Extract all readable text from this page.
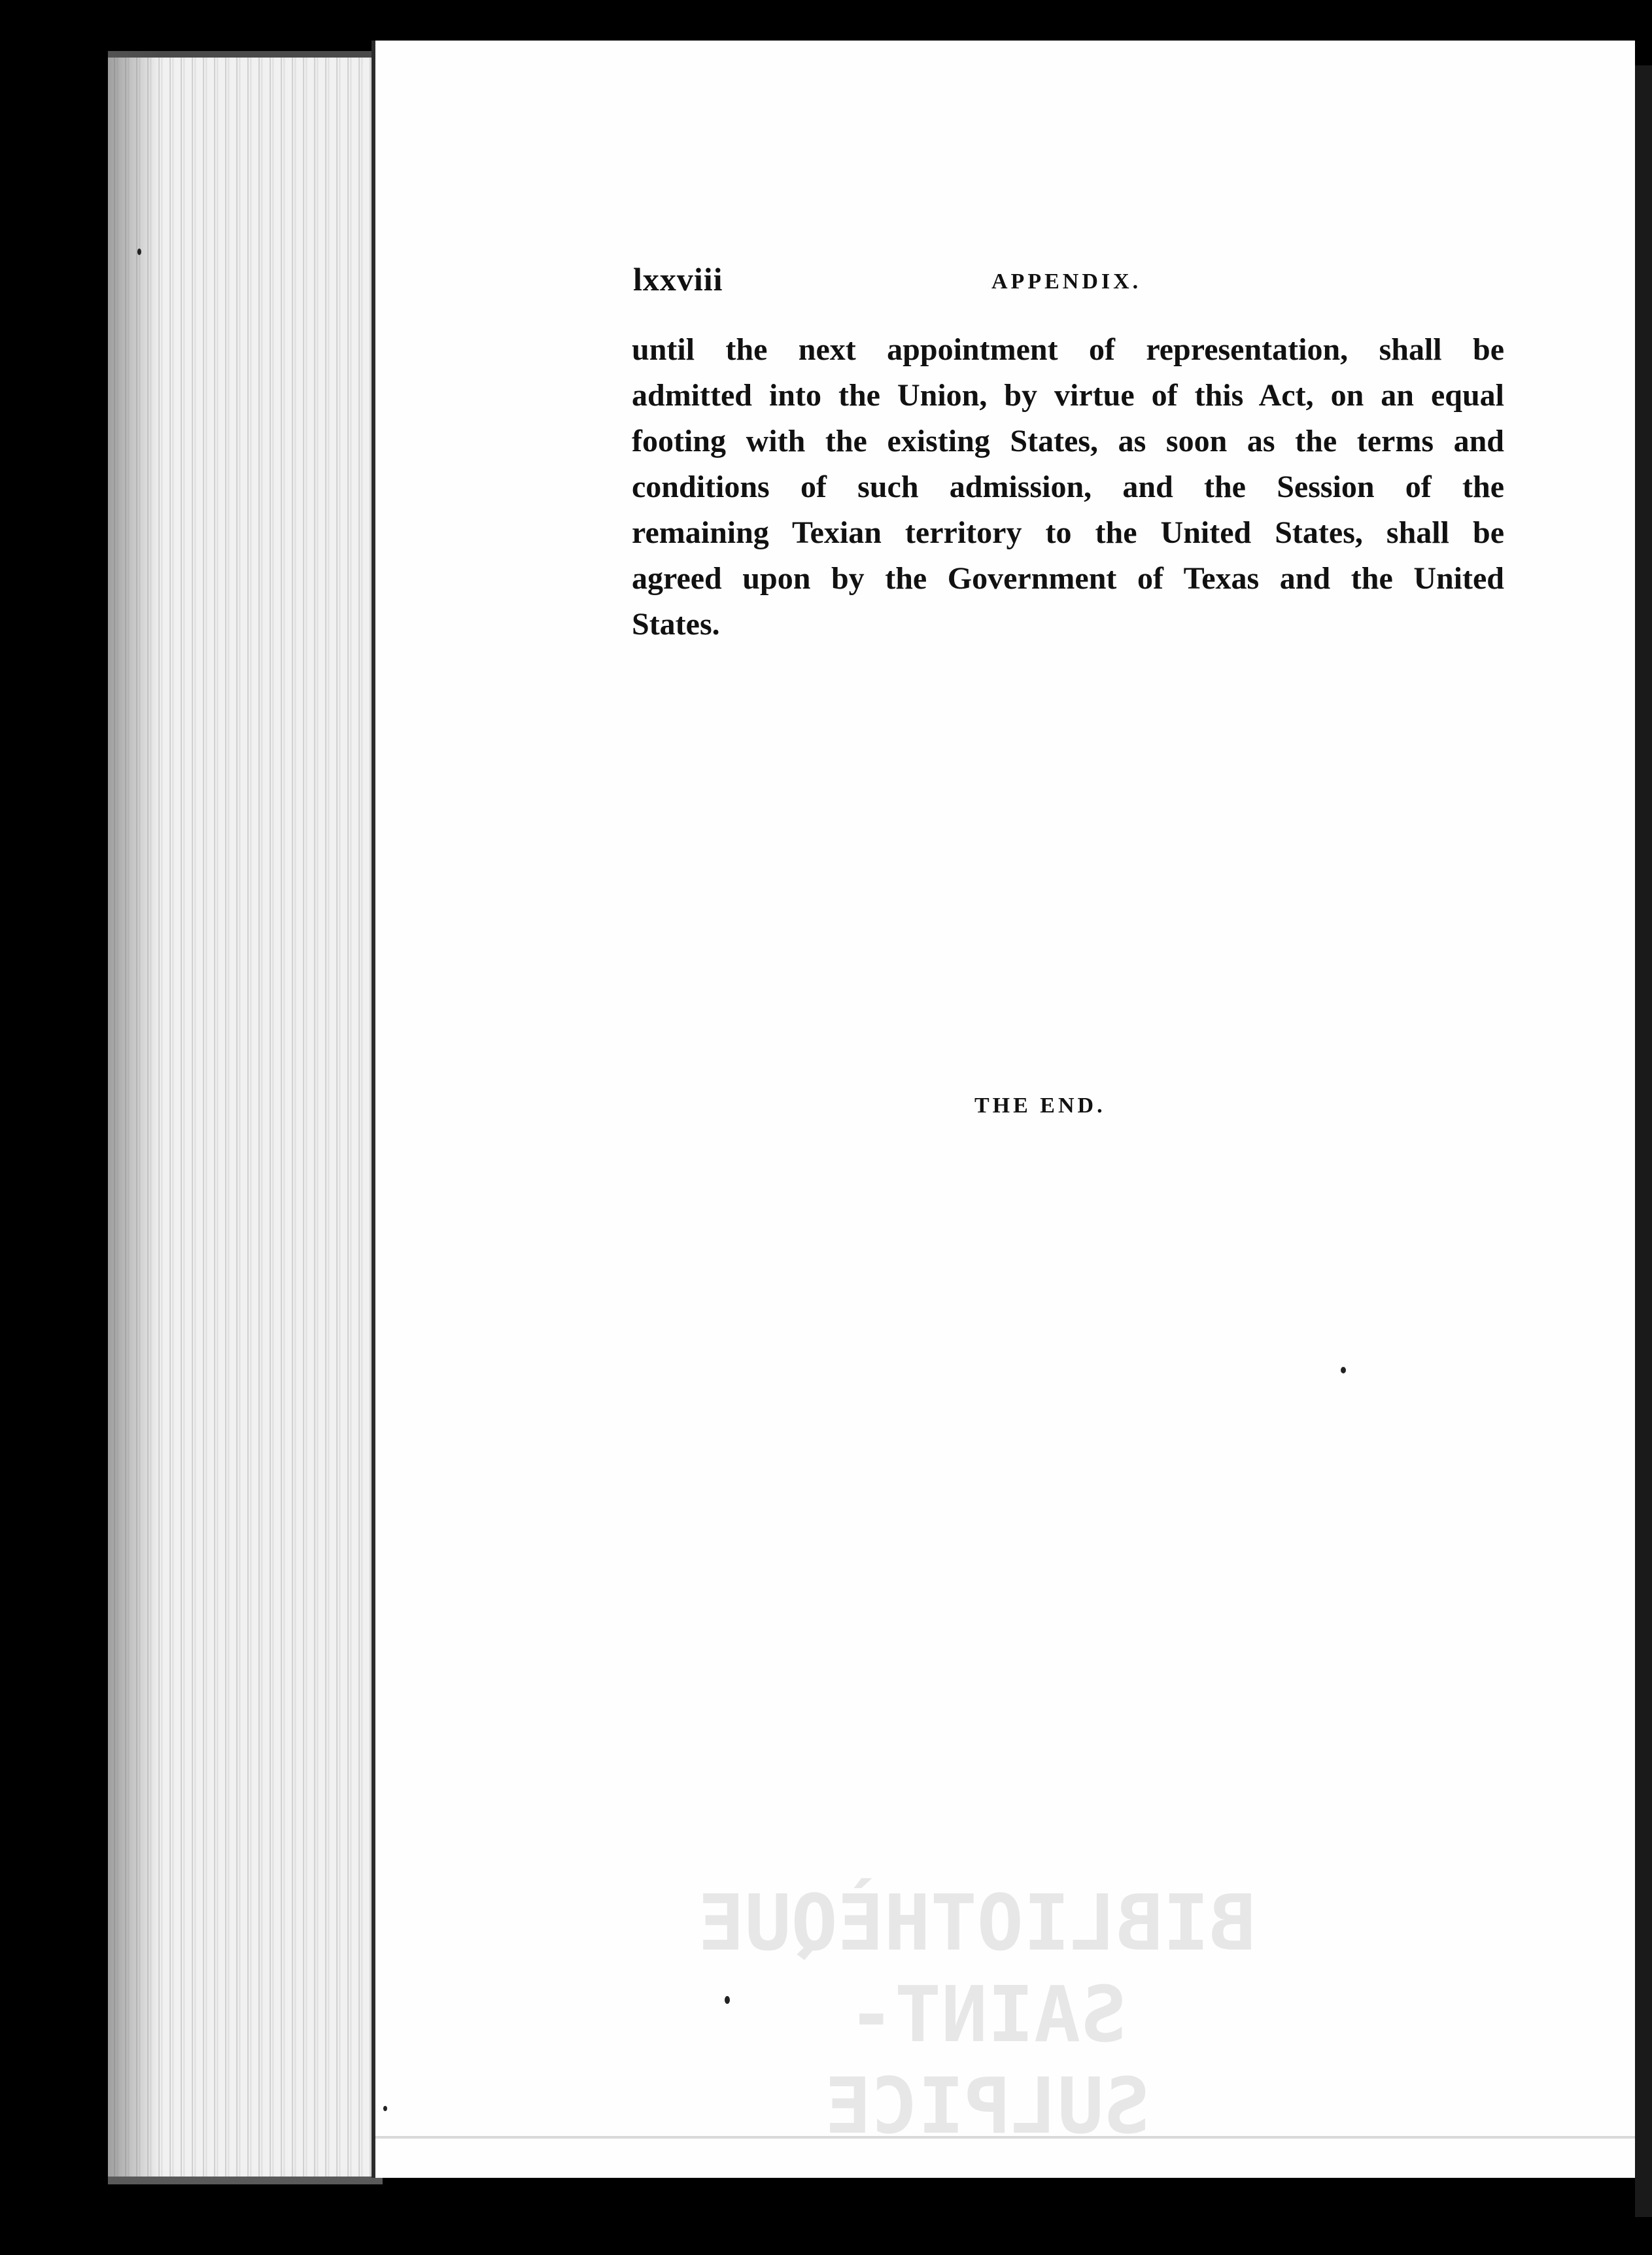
lxxviii	APPENDIX.
until the next appointment of representation, shall be
admitted into the Union, by virtue of this Act, on an equal
footing with the existing States, as soon as the terms and
conditions of such admission, and the Session of the
remaining Texian territory to the United States, shall be
agreed upon by the Government of Texas and the United
States.
THE END.
BIBLIOTHÈQUE
SAINT-SULPICE
